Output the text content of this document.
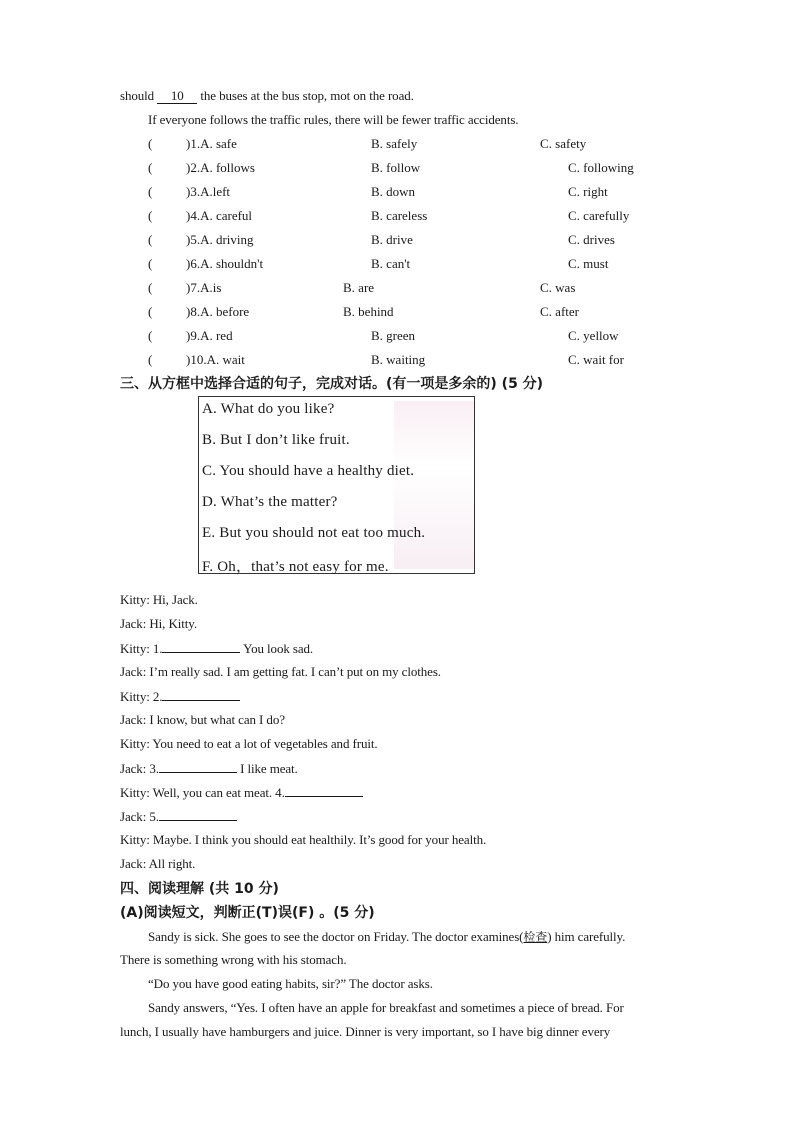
should 10 the buses at the bus stop, mot on the road.
If everyone follows the traffic rules, there will be fewer traffic accidents.
(	)1.A. safe	B. safely	C. safety
(	)2.A. follows	B. follow	C. following
(	)3.A.left	B. down	C. right
(	)4.A. careful	B. careless	C. carefully
(	)5.A. driving	B. drive	C. drives
(	)6.A. shouldn't	B. can't	C. must
(	)7.A.is	B. are	C. was
(	)8.A. before	B. behind	C. after
(	)9.A. red	B. green	C. yellow
(	)10.A. wait	B. waiting	C. wait for
三、从方框中选择合适的句子，完成对话。(有一项是多余的) (5 分)
A. What do you like?
B. But I don’t like fruit.
C. You should have a healthy diet.
D. What’s the matter?
E. But you should not eat too much.
F. Oh，that’s not easy for me.
Kitty: Hi, Jack.
Jack: Hi, Kitty.
Kitty: 1.	You look sad.
Jack: I’m really sad. I am getting fat. I can’t put on my clothes.
Kitty: 2.
Jack: I know, but what can I do?
Kitty: You need to eat a lot of vegetables and fruit.
Jack: 3.	I like meat.
Kitty: Well, you can eat meat. 4.
Jack: 5.
Kitty: Maybe. I think you should eat healthily. It’s good for your health.
Jack: All right.
四、阅读理解 (共 10 分)
(A)阅读短文，判断正(T)误(F) 。(5 分)
Sandy is sick. She goes to see the doctor on Friday. The doctor examines(检查) him carefully.
There is something wrong with his stomach.
“Do you have good eating habits, sir?” The doctor asks.
Sandy answers, “Yes. I often have an apple for breakfast and sometimes a piece of bread. For
lunch, I usually have hamburgers and juice. Dinner is very important, so I have big dinner every
